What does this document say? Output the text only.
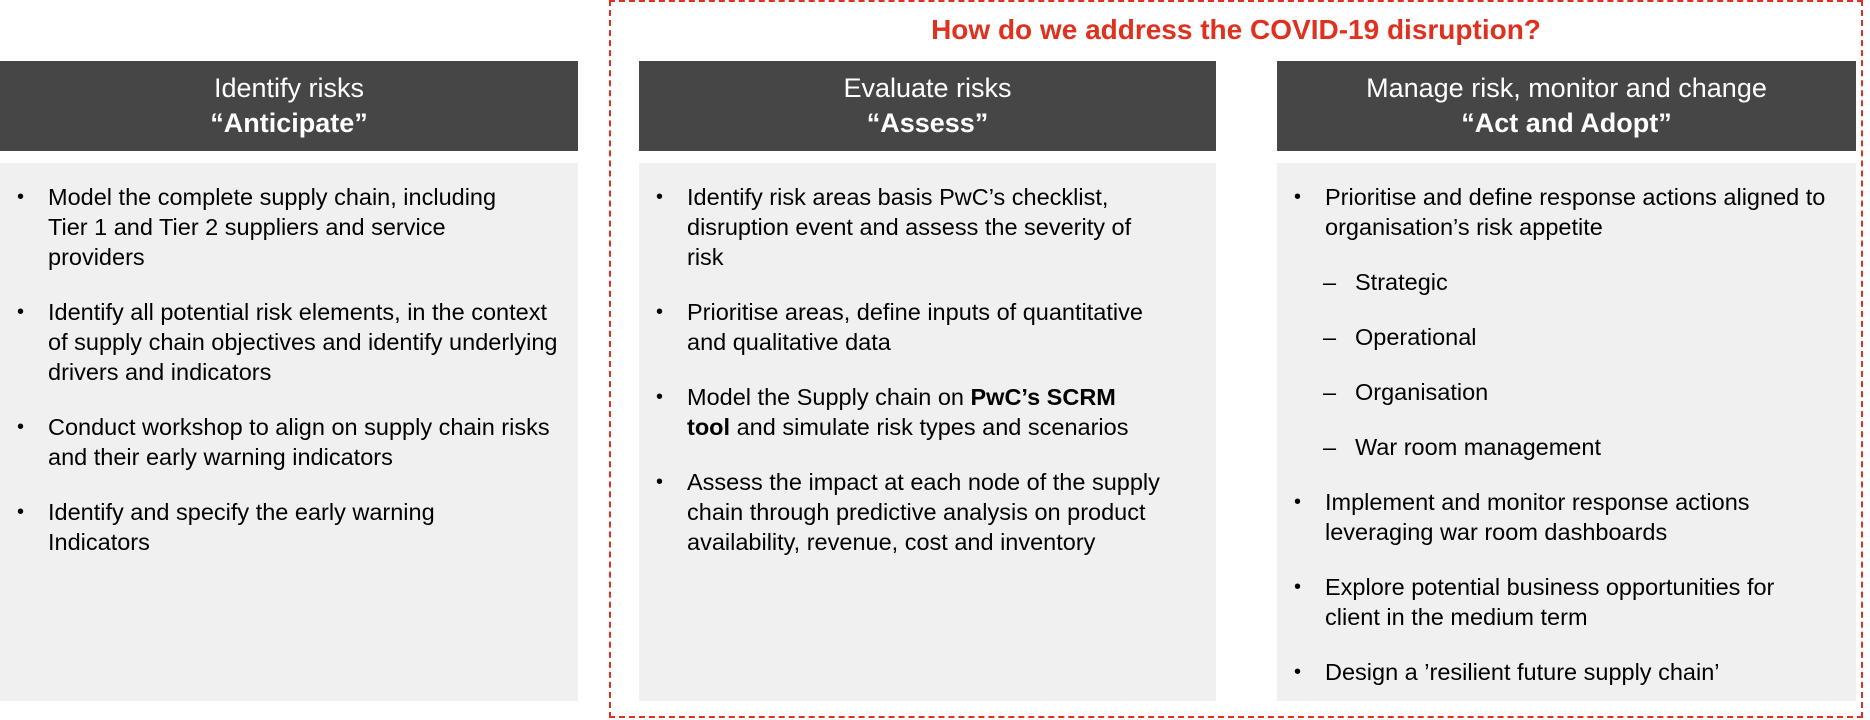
How do we address the COVID-19 disruption?
Identify risks
“Anticipate”
• Model the complete supply chain, including Tier 1 and Tier 2 suppliers and service providers
• Identify all potential risk elements, in the context of supply chain objectives and identify underlying drivers and indicators
• Conduct workshop to align on supply chain risks and their early warning indicators
• Identify and specify the early warning Indicators
Evaluate risks
“Assess”
• Identify risk areas basis PwC’s checklist, disruption event and assess the severity of risk
• Prioritise areas, define inputs of quantitative and qualitative data
• Model the Supply chain on PwC’s SCRM tool and simulate risk types and scenarios
• Assess the impact at each node of the supply chain through predictive analysis on product availability, revenue, cost and inventory
Manage risk, monitor and change
“Act and Adopt”
• Prioritise and define response actions aligned to organisation’s risk appetite
– Strategic
– Operational
– Organisation
– War room management
• Implement and monitor response actions leveraging war room dashboards
• Explore potential business opportunities for client in the medium term
• Design a ’resilient future supply chain’
